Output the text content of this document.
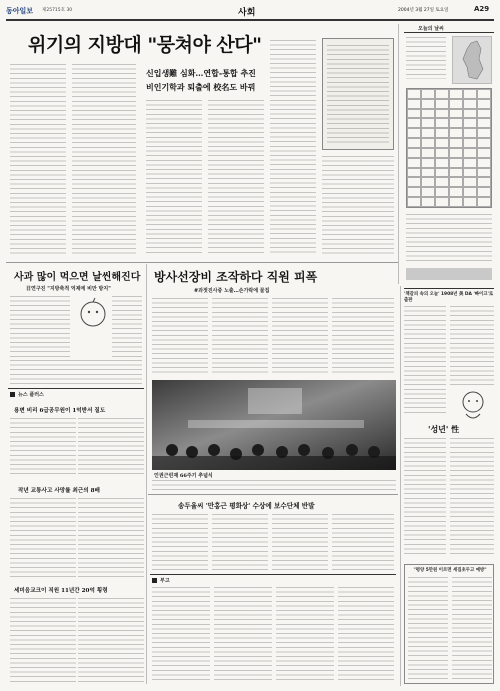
동아일보 제25715호 30	사회	2004년 3월 27일 토요일	A29
위기의 지방대 "뭉쳐야 산다"
신입생難 심화…연합-통합 추진
비인기학과 퇴출에 校名도 바꿔
오늘의 날씨
사과 많이 먹으면 날씬해진다
日연구진 "지방축적 억제에 비만 방지"
뉴스 플러스
용변 비리 6급공무원이 1억받서 질도
작년 교통사고 사망률 최근의 8배
세미음교크이 직원 11년간 20억 횡령
방사선장비 조작하다 직원 피폭
#과젓진사중 노출…손가락에 물집
인권근린재 66주기 추념식
송두율씨 '만홍근 평화상' 수상에 보수단체 반발
부고
'책갈피 속의 오늘' 1908년 美 DA '빠이크'로 출판
'성년' 性
"평양 5만원 이르면 세집초두고 예방"
